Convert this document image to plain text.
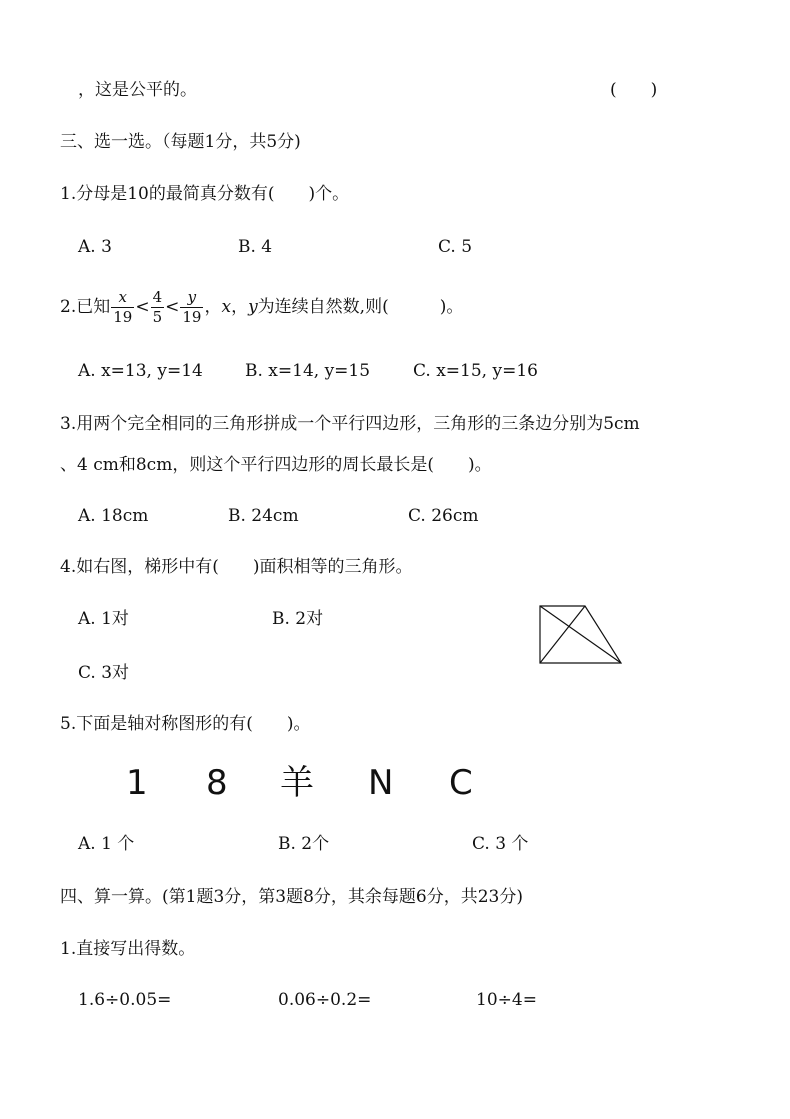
，这是公平的。	(　　)
三、选一选。（每题1分，共5分)
1.分母是10的最简真分数有(　　)个。
A. 3	B. 4	C. 5
2.已知 $\frac{x}{19} < \frac{4}{5} < \frac{y}{19}$ ，x，y为连续自然数,则(　　　)。
A. x=13, y=14 B. x=14, y=15	C. x=15, y=16
3.用两个完全相同的三角形拼成一个平行四边形，三角形的三条边分别为5cm
、4 cm和8cm，则这个平行四边形的周长最长是(　　)。
A. 18cm	B. 24cm	C. 26cm
4.如右图，梯形中有(　　)面积相等的三角形。
A. 1对	B. 2对
C. 3对
5.下面是轴对称图形的有(　　)。
1 8 羊 N C
A. 1 个	B. 2个	C. 3 个
四、算一算。(第1题3分，第3题8分，其余每题6分，共23分)
1.直接写出得数。
1.6÷0.05=	0.06÷0.2=	10÷4=
